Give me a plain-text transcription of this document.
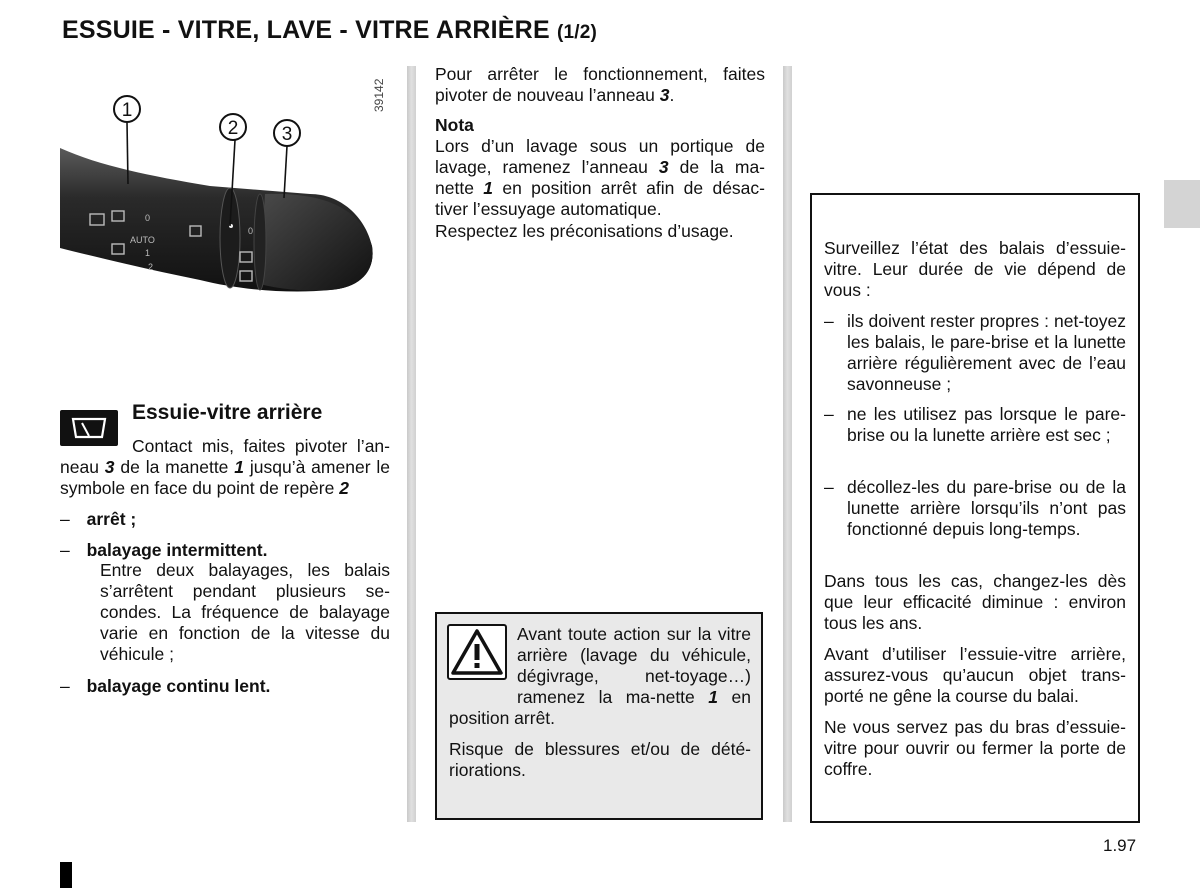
ESSUIE - VITRE, LAVE - VITRE ARRIÈRE (1/2)
AUTO
0
0
1
2
1
2 3
39142
Essuie-vitre arrière
Contact mis, faites pivoter l’an- neau 3 de la manette 1 jusqu’à amener le symbole en face du point de repère 2
– arrêt ;
– balayage intermittent.
Entre deux balayages, les balais s’arrêtent pendant plusieurs se-condes. La fréquence de balayage varie en fonction de la vitesse du véhicule ;
– balayage continu lent.
Pour arrêter le fonctionnement, faites pivoter de nouveau l’anneau 3.
Nota
Lors d’un lavage sous un portique de lavage, ramenez l’anneau 3 de la ma-nette 1 en position arrêt afin de désac-tiver l’essuyage automatique.
Respectez les préconisations d’usage.
Avant toute action sur la vitre arrière (lavage du véhicule, dégivrage, net-toyage…) ramenez la ma-nette 1 en position arrêt.
Risque de blessures et/ou de dété-riorations.
Surveillez l’état des balais d’essuie-vitre. Leur durée de vie dépend de vous :
– ils doivent rester propres : net-toyez les balais, le pare-brise et la lunette arrière régulièrement avec de l’eau savonneuse ;
– ne les utilisez pas lorsque le pare-brise ou la lunette arrière est sec ;
– décollez-les du pare-brise ou de la lunette arrière lorsqu’ils n’ont pas fonctionné depuis long-temps.
Dans tous les cas, changez-les dès que leur efficacité diminue : environ tous les ans.
Avant d’utiliser l’essuie-vitre arrière, assurez-vous qu’aucun objet trans-porté ne gêne la course du balai.
Ne vous servez pas du bras d’essuie-vitre pour ouvrir ou fermer la porte de coffre.
1.97
